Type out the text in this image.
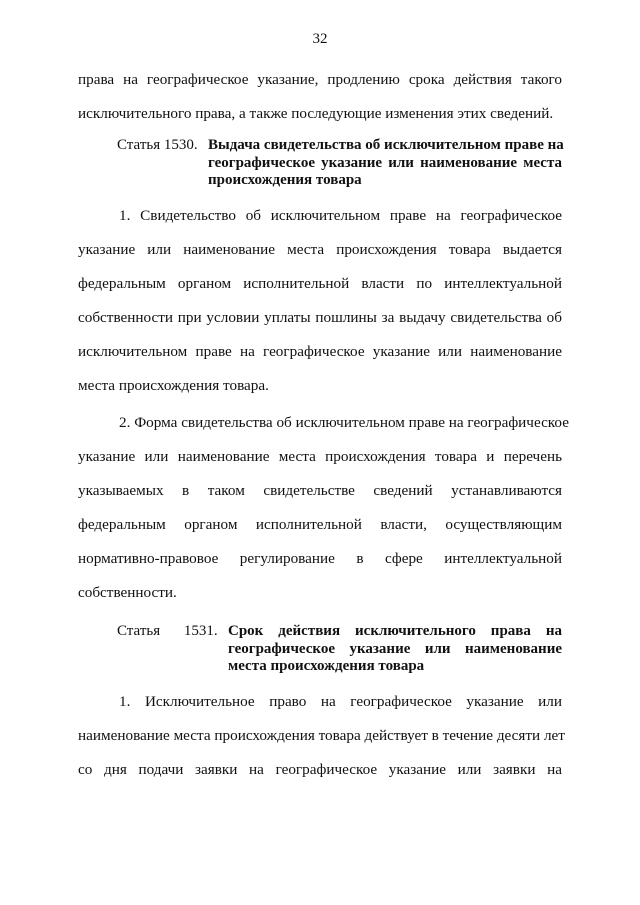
32
права на географическое указание, продлению срока действия такого
исключительного права, а также последующие изменения этих сведений.
Статья 1530. Выдача свидетельства об исключительном праве на
географическое указание или наименование места
происхождения товара
1. Свидетельство об исключительном праве на географическое
указание или наименование места происхождения товара выдается
федеральным органом исполнительной власти по интеллектуальной
собственности при условии уплаты пошлины за выдачу свидетельства об
исключительном праве на географическое указание или наименование
места происхождения товара.
2. Форма свидетельства об исключительном праве на географическое
указание или наименование места происхождения товара и перечень
указываемых в таком свидетельстве сведений устанавливаются
федеральным органом исполнительной власти, осуществляющим
нормативно-правовое регулирование в сфере интеллектуальной
собственности.
Статья 1531. Срок действия исключительного права на
географическое указание или наименование
места происхождения товара
1. Исключительное право на географическое указание или
наименование места происхождения товара действует в течение десяти лет
со дня подачи заявки на географическое указание или заявки на
